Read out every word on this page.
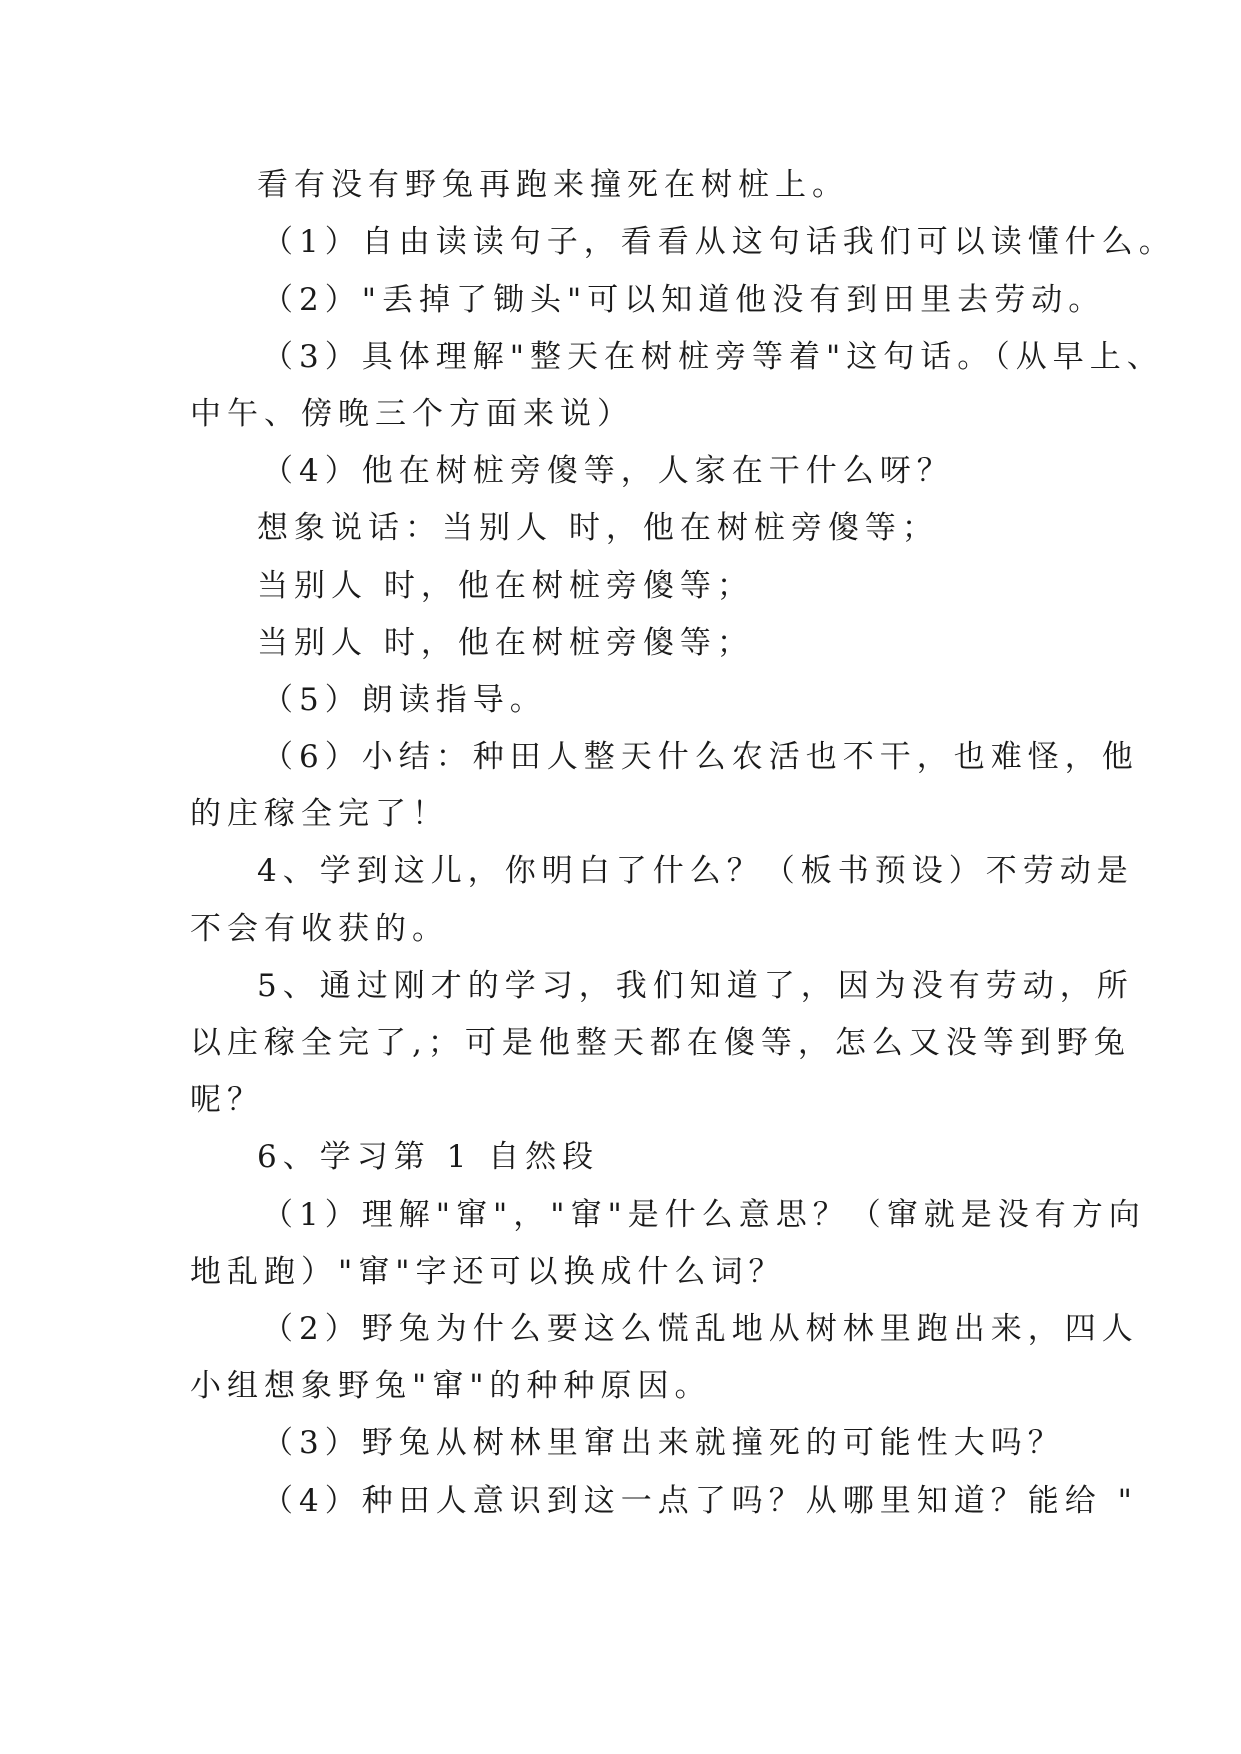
看有没有野兔再跑来撞死在树桩上。
（1）自由读读句子，看看从这句话我们可以读懂什么。
（2）"丢掉了锄头"可以知道他没有到田里去劳动。
（3）具体理解"整天在树桩旁等着"这句话。（从早上、
中午、傍晚三个方面来说）
（4）他在树桩旁傻等，人家在干什么呀？
想象说话：当别人 时，他在树桩旁傻等；
当别人 时，他在树桩旁傻等；
当别人 时，他在树桩旁傻等；
（5）朗读指导。
（6）小结：种田人整天什么农活也不干，也难怪，他
的庄稼全完了！
4、学到这儿，你明白了什么？（板书预设）不劳动是
不会有收获的。
5、通过刚才的学习，我们知道了，因为没有劳动，所
以庄稼全完了,；可是他整天都在傻等，怎么又没等到野兔
呢？
6、学习第 1 自然段
（1）理解"窜"，"窜"是什么意思？（窜就是没有方向
地乱跑）"窜"字还可以换成什么词？
（2）野兔为什么要这么慌乱地从树林里跑出来，四人
小组想象野兔"窜"的种种原因。
（3）野兔从树林里窜出来就撞死的可能性大吗？
（4）种田人意识到这一点了吗？从哪里知道？能给 "
